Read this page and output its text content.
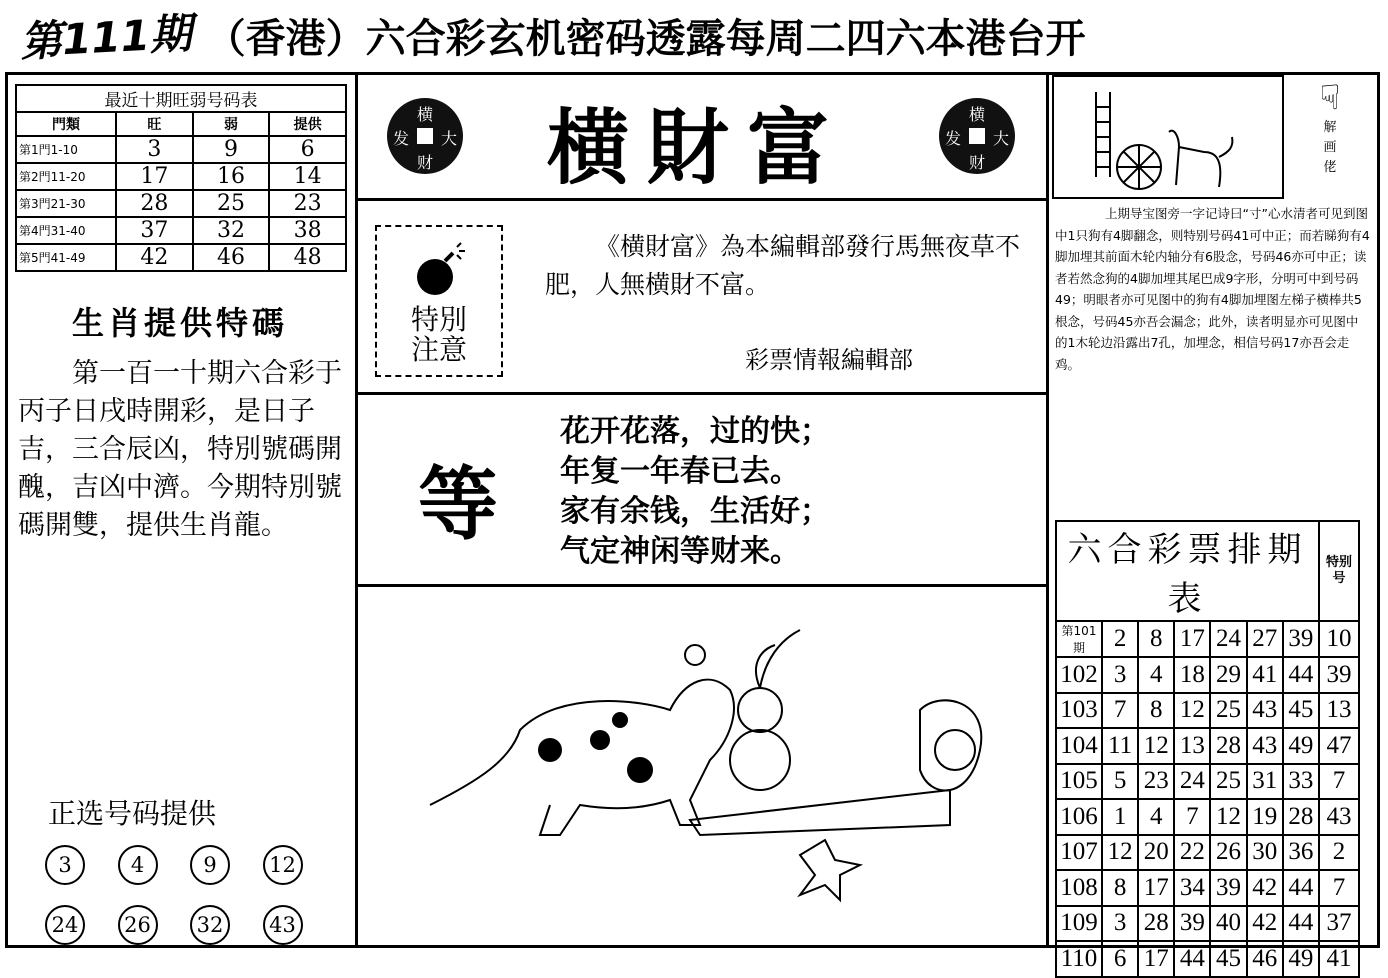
第111期 （香港）六合彩玄机密码透露每周二四六本港台开
最近十期旺弱号码表			
門類	旺	弱	提供
第1門1-10	3	9	6
第2門11-20	17	16	14
第3門21-30	28	25	23
第4門31-40	37	32	38
第5門41-49	42	46	48
生肖提供特碼
第一百一十期六合彩于丙子日戌時開彩，是日子吉，三合辰凶，特別號碼開醜，吉凶中濟。今期特別號碼開雙，提供生肖龍。
正选号码提供
3	4	9	12
24	26	32	43
横
发 大
财	横財富	横
发 大
财
特別注意
《横財富》為本編輯部發行馬無夜草不肥，人無横財不富。
彩票情報編輯部
等
花开花落，过的快；
年复一年春已去。
家有余钱，生活好；
气定神闲等财来。
☟
解
画
佬
上期导宝图旁一字记诗曰“寸”心水清者可见到图中1只狗有4脚翻念，则特别号码41可中正；而若睇狗有4脚加埋其前面木轮内轴分有6股念，号码46亦可中正；读者若然念狗的4脚加埋其尾巴成9字形，分明可中到号码49；明眼者亦可见图中的狗有4脚加埋图左梯子横棒共5根念，号码45亦吾会漏念；此外，读者明显亦可见图中的1木轮边沿露出7孔，加埋念，相信号码17亦吾会走鸡。
六合彩票排期表							特别号
第101期	2	8	17	24	27	39	10
102	3	4	18	29	41	44	39
103	7	8	12	25	43	45	13
104	11	12	13	28	43	49	47
105	5	23	24	25	31	33	7
106	1	4	7	12	19	28	43
107	12	20	22	26	30	36	2
108	8	17	34	39	42	44	7
109	3	28	39	40	42	44	37
110	6	17	44	45	46	49	41
